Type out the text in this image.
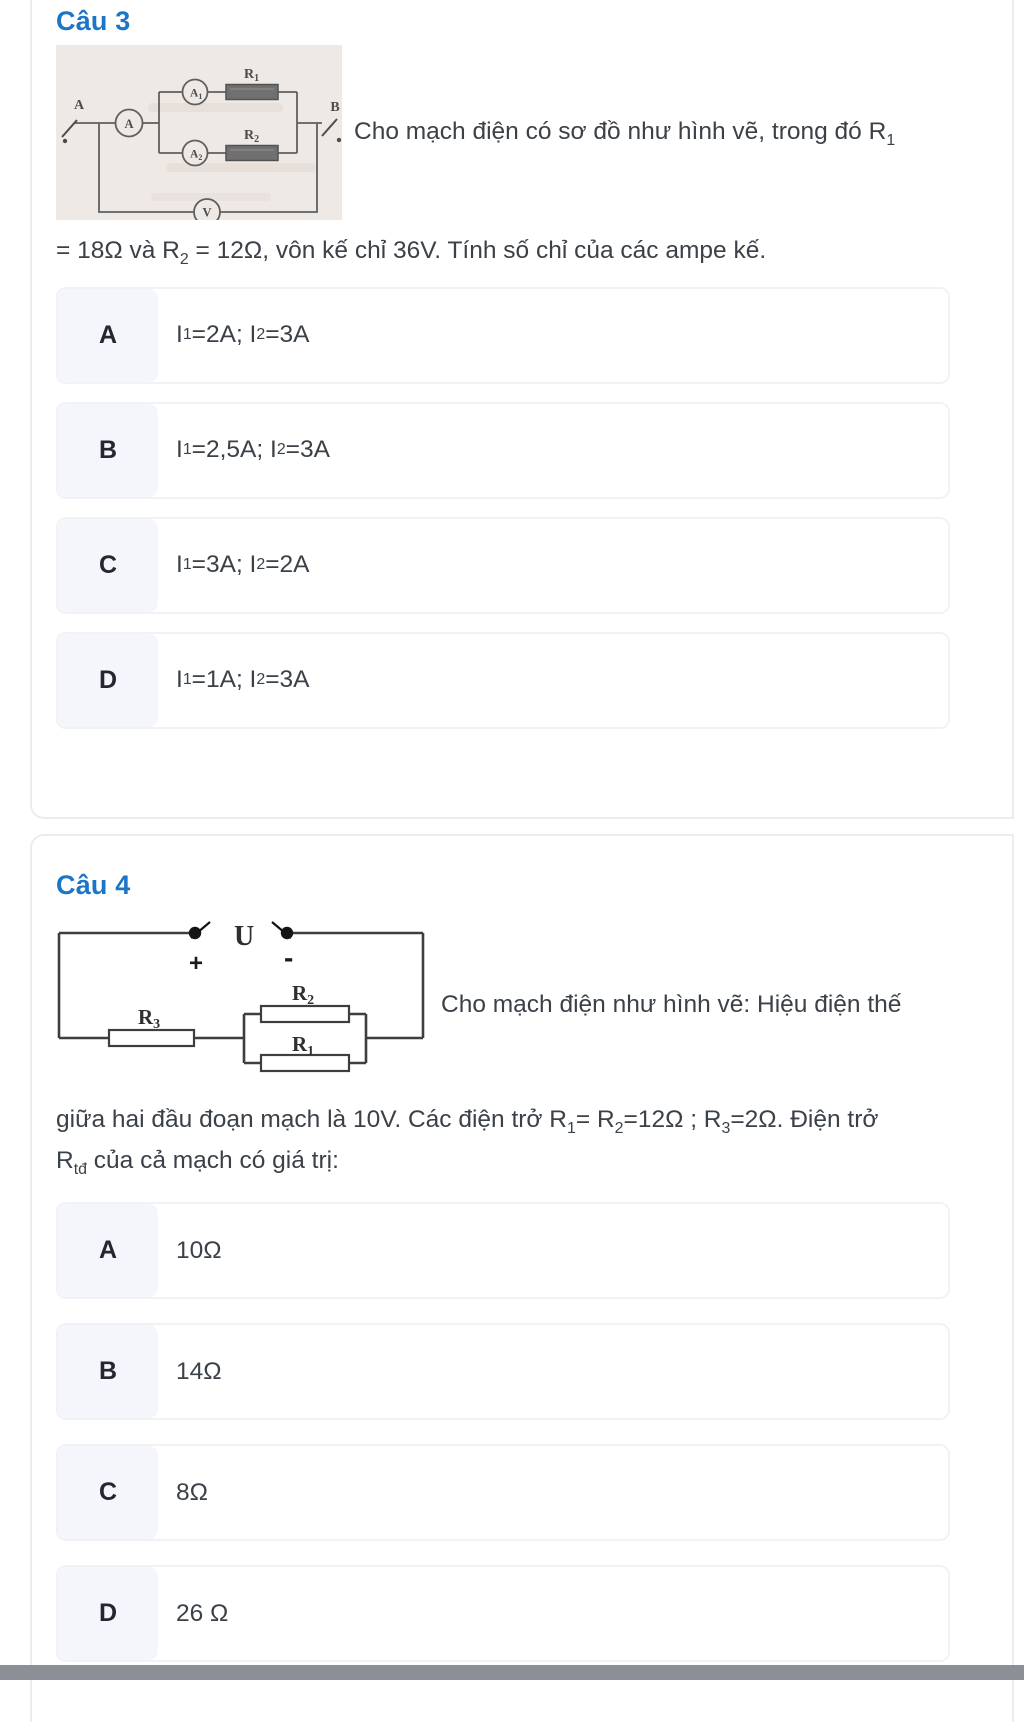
Câu 3
A	B
A
$A_1$
$A_2$
$R_1$
$R_2$
V

Cho mạch điện có sơ đồ như hình vẽ, trong đó $R_1$

= 18Ω và $R_2 = 12\Omega$, vôn kế chỉ 36V. Tính số chỉ của các ampe kế.

A	I 1 =2A; I 2 =3A
B	I 1 =2,5A; I 2 =3A
C	I 1 =3A; I 2 =2A
D	I 1 =1A; I 2 =3A
Câu 4
U
+	-
R3
R2
R1

Cho mạch điện như hình vẽ: Hiệu điện thế

giữa hai đầu đoạn mạch là 10V. Các điện trở $R_1= R_2=12\Omega$ ; $R_3=2\Omega$. Điện trở

$R_{tđ}$ của cả mạch có giá trị:

A	10Ω
B	14Ω
C	8Ω
D	26 Ω
